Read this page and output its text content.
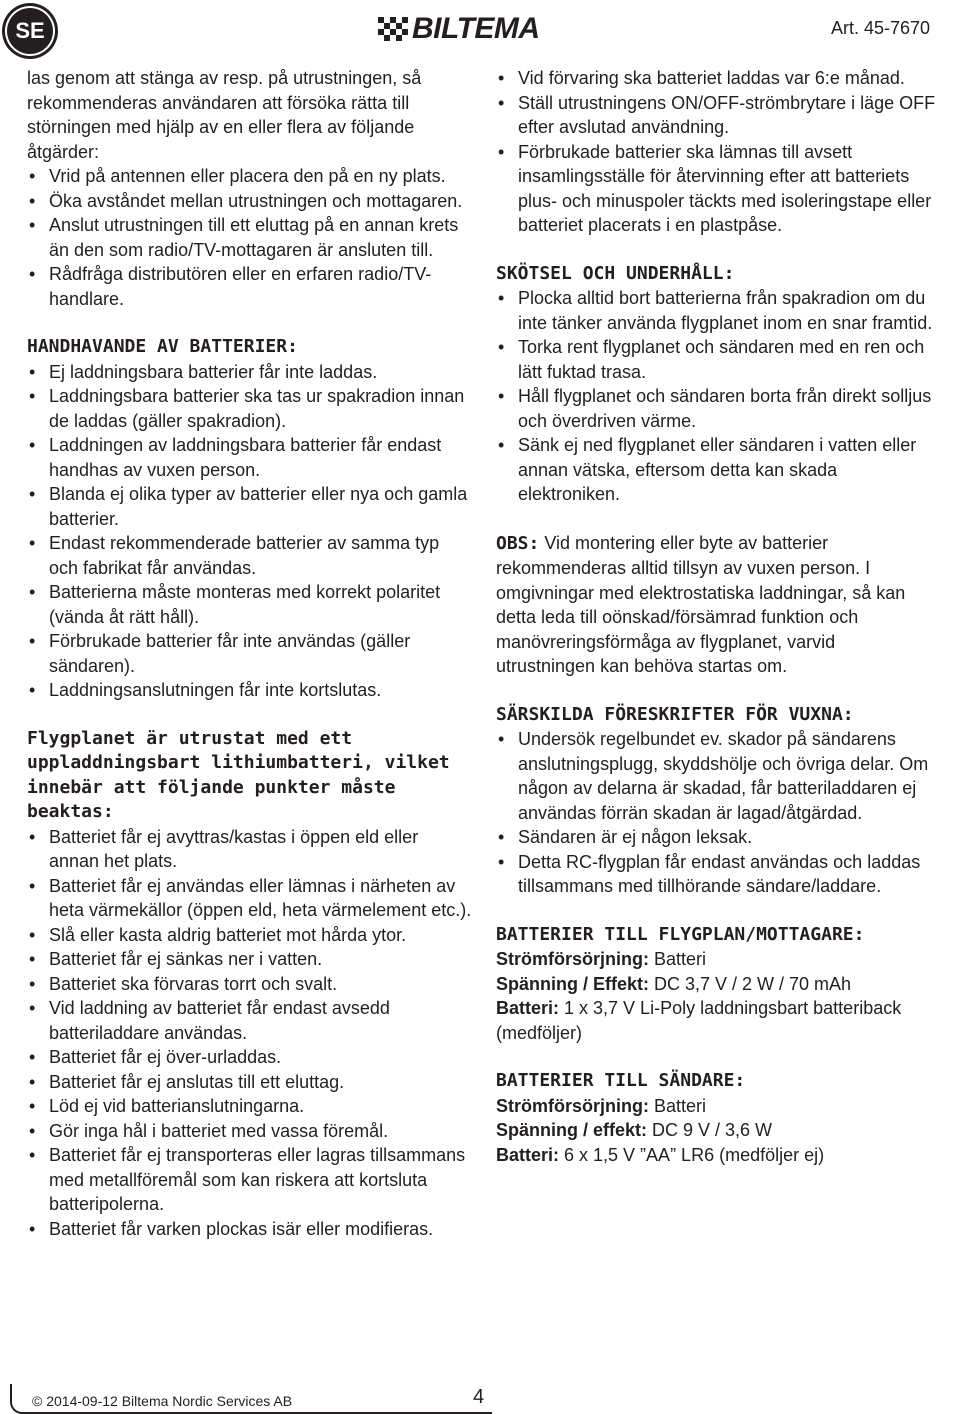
SE	BILTEMA	Art. 45-7670

las genom att stänga av resp. på utrustningen, så rekommenderas användaren att försöka rätta till störningen med hjälp av en eller flera av följande åtgärder:

• Vrid på antennen eller placera den på en ny plats.
• Öka avståndet mellan utrustningen och mottagaren.
• Anslut utrustningen till ett eluttag på en annan krets än den som radio/TV-mottagaren är ansluten till.
• Rådfråga distributören eller en erfaren radio/TV-handlare.
HANDHAVANDE AV BATTERIER:
• Ej laddningsbara batterier får inte laddas.
• Laddningsbara batterier ska tas ur spakradion innan de laddas (gäller spakradion).
• Laddningen av laddningsbara batterier får endast handhas av vuxen person.
• Blanda ej olika typer av batterier eller nya och gamla batterier.
• Endast rekommenderade batterier av samma typ och fabrikat får användas.
• Batterierna måste monteras med korrekt polaritet (vända åt rätt håll).
• Förbrukade batterier får inte användas (gäller sändaren).
• Laddningsanslutningen får inte kortslutas.
Flygplanet är utrustat med ett uppladdningsbart lithiumbatteri, vilket innebär att följande punkter måste beaktas:
• Batteriet får ej avyttras/kastas i öppen eld eller annan het plats.
• Batteriet får ej användas eller lämnas i närheten av heta värmekällor (öppen eld, heta värmelement etc.).
• Slå eller kasta aldrig batteriet mot hårda ytor.
• Batteriet får ej sänkas ner i vatten.
• Batteriet ska förvaras torrt och svalt.
• Vid laddning av batteriet får endast avsedd batteriladdare användas.
• Batteriet får ej över-urladdas.
• Batteriet får ej anslutas till ett eluttag.
• Löd ej vid batterianslutningarna.
• Gör inga hål i batteriet med vassa föremål.
• Batteriet får ej transporteras eller lagras tillsammans med metallföremål som kan riskera att kortsluta batteripolerna.
• Batteriet får varken plockas isär eller modifieras.
• Vid förvaring ska batteriet laddas var 6:e månad.
• Ställ utrustningens ON/OFF-strömbrytare i läge OFF efter avslutad användning.
• Förbrukade batterier ska lämnas till avsett insamlingsställe för återvinning efter att batteriets plus- och minuspoler täckts med isoleringstape eller batteriet placerats i en plastpåse.
SKÖTSEL OCH UNDERHÅLL:
• Plocka alltid bort batterierna från spakradion om du inte tänker använda flygplanet inom en snar framtid.
• Torka rent flygplanet och sändaren med en ren och lätt fuktad trasa.
• Håll flygplanet och sändaren borta från direkt solljus och överdriven värme.
• Sänk ej ned flygplanet eller sändaren i vatten eller annan vätska, eftersom detta kan skada elektroniken.

OBS: Vid montering eller byte av batterier rekommenderas alltid tillsyn av vuxen person. I omgivningar med elektrostatiska laddningar, så kan detta leda till oönskad/försämrad funktion och manövreringsförmåga av flygplanet, varvid utrustningen kan behöva startas om.

SÄRSKILDA FÖRESKRIFTER FÖR VUXNA:
• Undersök regelbundet ev. skador på sändarens anslutningsplugg, skyddshölje och övriga delar. Om någon av delarna är skadad, får batteriladdaren ej användas förrän skadan är lagad/åtgärdad.
• Sändaren är ej någon leksak.
• Detta RC-flygplan får endast användas och laddas tillsammans med tillhörande sändare/laddare.
BATTERIER TILL FLYGPLAN/MOTTAGARE:

Strömförsörjning: Batteri

Spänning / Effekt: DC 3,7 V / 2 W / 70 mAh

Batteri: 1 x 3,7 V Li-Poly laddningsbart batteriback (medföljer)

BATTERIER TILL SÄNDARE:

Strömförsörjning: Batteri

Spänning / effekt: DC 9 V / 3,6 W

Batteri: 6 x 1,5 V ”AA” LR6 (medföljer ej)

© 2014-09-12 Biltema Nordic Services AB	4
